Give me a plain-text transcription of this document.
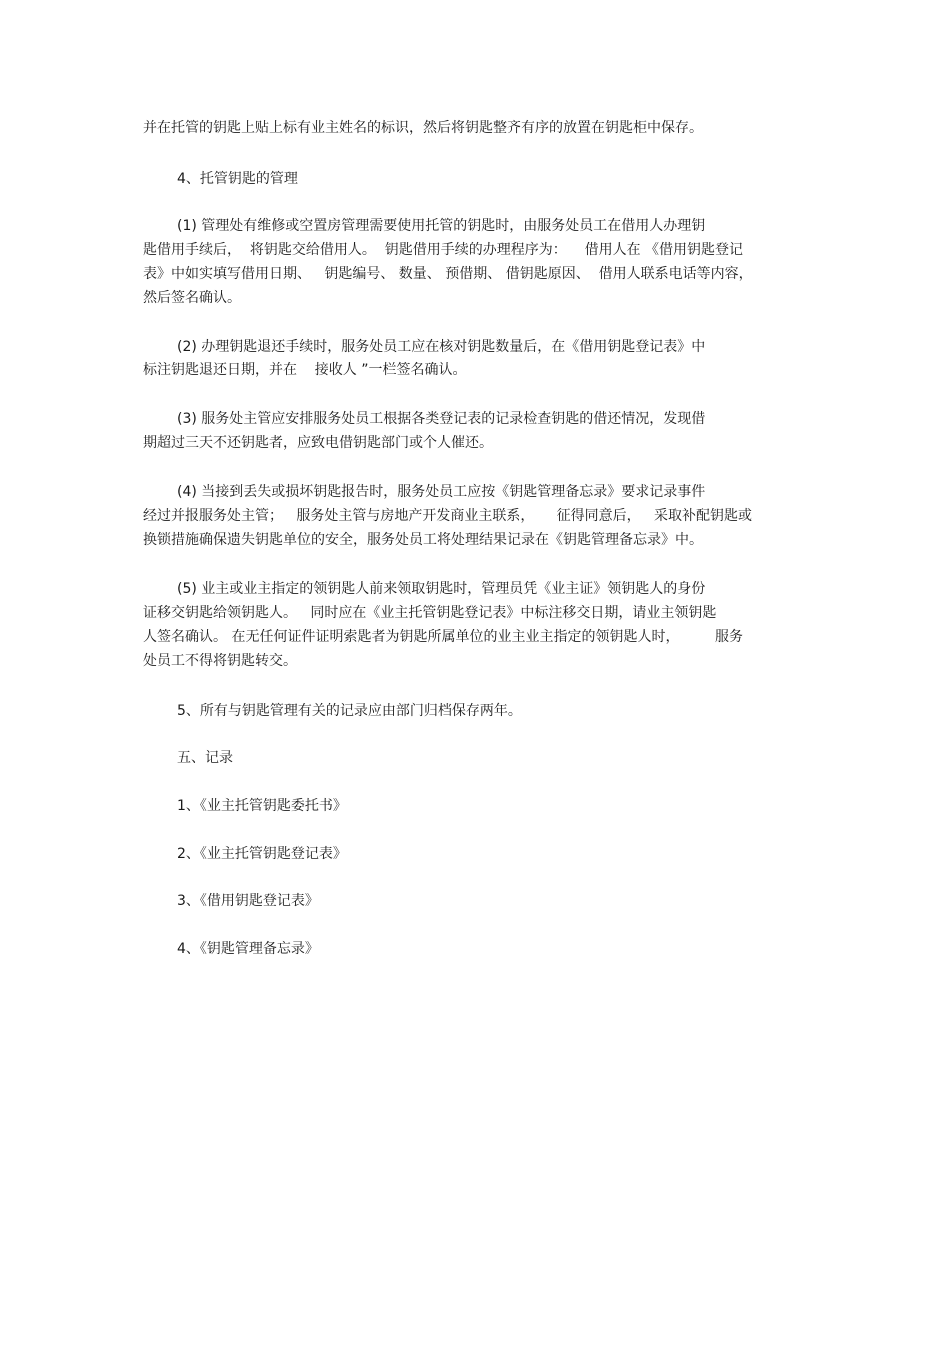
并在托管的钥匙上贴上标有业主姓名的标识，然后将钥匙整齐有序的放置在钥匙柜中保存。
4、托管钥匙的管理
(1) 管理处有维修或空置房管理需要使用托管的钥匙时，由服务处员工在借用人办理钥
匙借用手续后，  将钥匙交给借用人。  钥匙借用手续的办理程序为：    借用人在 《借用钥匙登记
表》中如实填写借用日期、   钥匙编号、 数量、 预借期、 借钥匙原因、  借用人联系电话等内容，
然后签名确认。
(2) 办理钥匙退还手续时，服务处员工应在核对钥匙数量后，在《借用钥匙登记表》中
标注钥匙退还日期，并在    接收人 ”一栏签名确认。
(3) 服务处主管应安排服务处员工根据各类登记表的记录检查钥匙的借还情况，发现借
期超过三天不还钥匙者，应致电借钥匙部门或个人催还。
(4) 当接到丢失或损坏钥匙报告时，服务处员工应按《钥匙管理备忘录》要求记录事件
经过并报服务处主管；   服务处主管与房地产开发商业主联系，     征得同意后，   采取补配钥匙或
换锁措施确保遗失钥匙单位的安全，服务处员工将处理结果记录在《钥匙管理备忘录》中。
(5) 业主或业主指定的领钥匙人前来领取钥匙时，管理员凭《业主证》领钥匙人的身份
证移交钥匙给领钥匙人。   同时应在《业主托管钥匙登记表》中标注移交日期，请业主领钥匙
人签名确认。 在无任何证件证明索匙者为钥匙所属单位的业主业主指定的领钥匙人时，        服务
处员工不得将钥匙转交。
5、所有与钥匙管理有关的记录应由部门归档保存两年。
五、记录
1、《业主托管钥匙委托书》
2、《业主托管钥匙登记表》
3、《借用钥匙登记表》
4、《钥匙管理备忘录》
